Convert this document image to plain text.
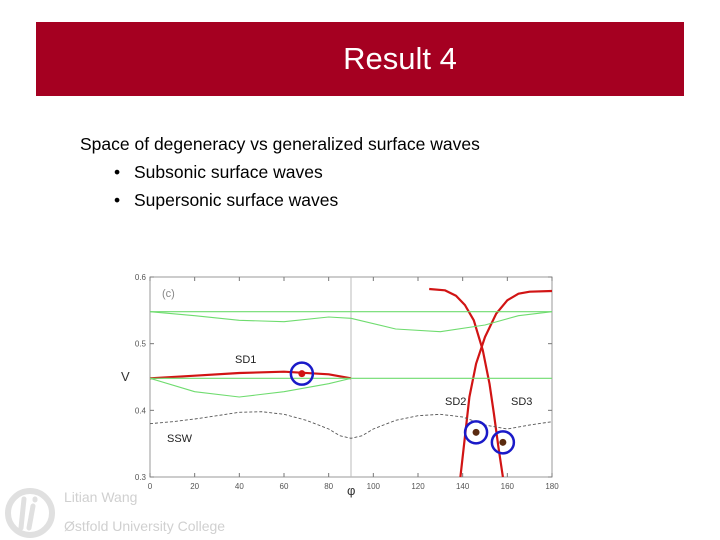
Result 4
Space of degeneracy vs generalized surface waves
• Subsonic surface waves
• Supersonic surface waves
0	20	40	60	80	100	120	140	160	180
0.3
0.4
0.5
0.6
(c)
V
φ
SD1
SD2	SD3
SSW
Litian Wang
Østfold University College
